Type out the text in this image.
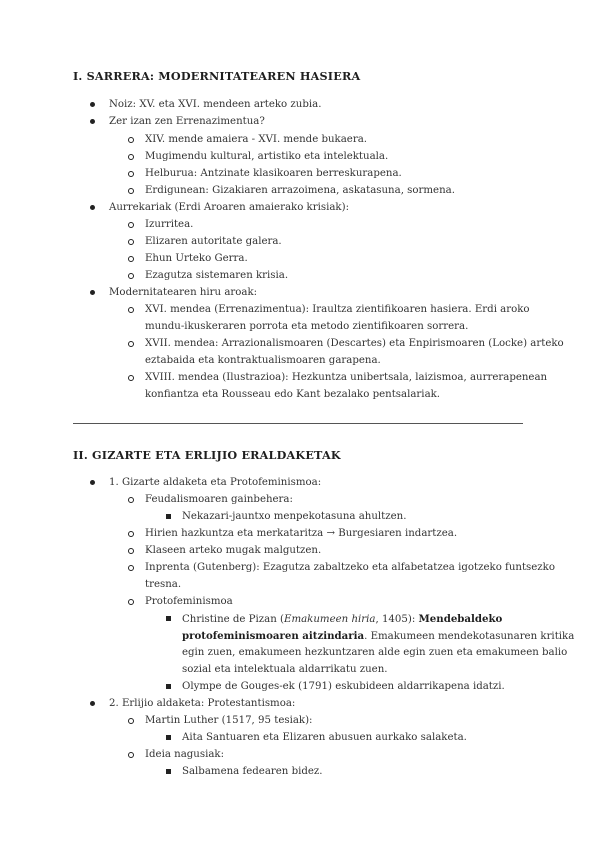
I. SARRERA: MODERNITATEAREN HASIERA
Noiz: XV. eta XVI. mendeen arteko zubia.
Zer izan zen Errenazimentua?
XIV. mende amaiera - XVI. mende bukaera.
Mugimendu kultural, artistiko eta intelektuala.
Helburua: Antzinate klasikoaren berreskurapena.
Erdigunean: Gizakiaren arrazoimena, askatasuna, sormena.
Aurrekariak (Erdi Aroaren amaierako krisiak):
Izurritea.
Elizaren autoritate galera.
Ehun Urteko Gerra.
Ezagutza sistemaren krisia.
Modernitatearen hiru aroak:
XVI. mendea (Errenazimentua): Iraultza zientifikoaren hasiera. Erdi aroko
mundu-ikuskeraren porrota eta metodo zientifikoaren sorrera.
XVII. mendea: Arrazionalismoaren (Descartes) eta Enpirismoaren (Locke) arteko
eztabaida eta kontraktualismoaren garapena.
XVIII. mendea (Ilustrazioa): Hezkuntza unibertsala, laizismoa, aurrerapenean
konfiantza eta Rousseau edo Kant bezalako pentsalariak.
II. GIZARTE ETA ERLIJIO ERALDAKETAK
1. Gizarte aldaketa eta Protofeminismoa:
Feudalismoaren gainbehera:
Nekazari-jauntxo menpekotasuna ahultzen.
Hirien hazkuntza eta merkataritza → Burgesiaren indartzea.
Klaseen arteko mugak malgutzen.
Inprenta (Gutenberg): Ezagutza zabaltzeko eta alfabetatzea igotzeko funtsezko
tresna.
Protofeminismoa
Christine de Pizan (Emakumeen hiria, 1405): Mendebaldeko
protofeminismoaren aitzindaria. Emakumeen mendekotasunaren kritika
egin zuen, emakumeen hezkuntzaren alde egin zuen eta emakumeen balio
sozial eta intelektuala aldarrikatu zuen.
Olympe de Gouges-ek (1791) eskubideen aldarrikapena idatzi.
2. Erlijio aldaketa: Protestantismoa:
Martin Luther (1517, 95 tesiak):
Aita Santuaren eta Elizaren abusuen aurkako salaketa.
Ideia nagusiak:
Salbamena fedearen bidez.
